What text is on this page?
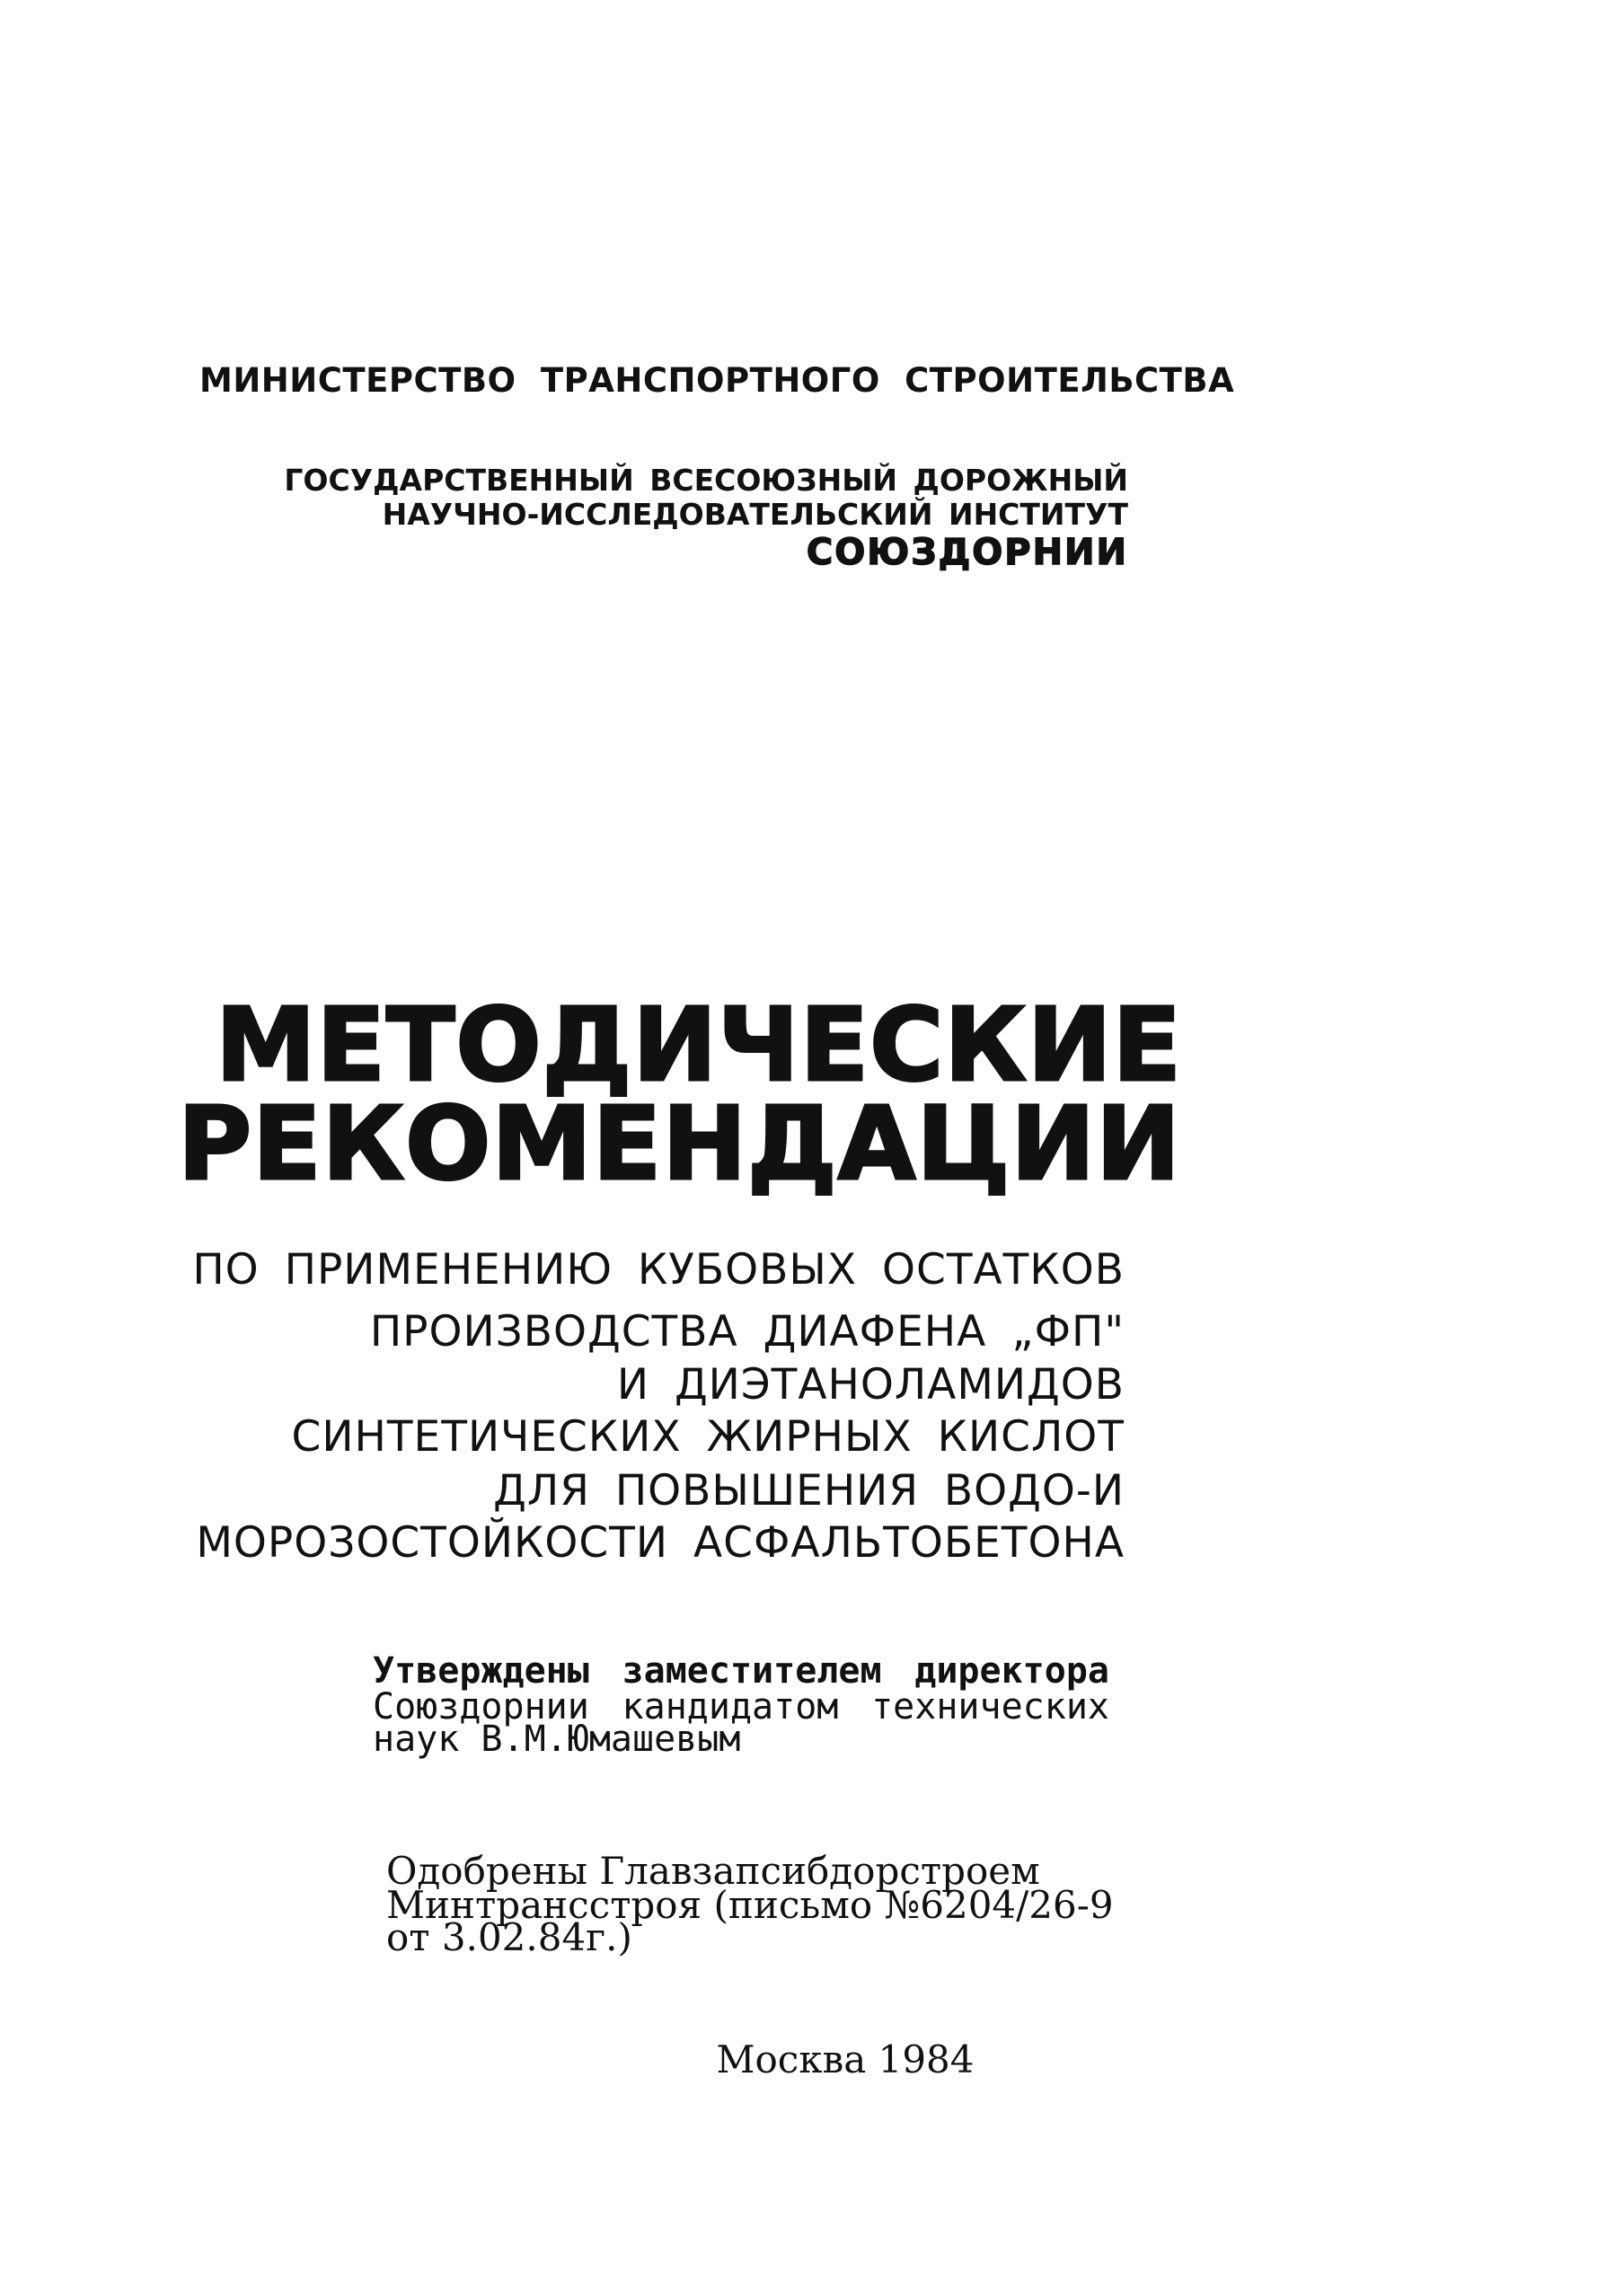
МИНИСТЕРСТВО ТРАНСПОРТНОГО СТРОИТЕЛЬСТВА

ГОСУДАРСТВЕННЫЙ ВСЕСОЮЗНЫЙ ДОРОЖНЫЙ

НАУЧНО-ИССЛЕДОВАТЕЛЬСКИЙ ИНСТИТУТ

СОЮЗДОРНИИ

МЕТОДИЧЕСКИЕ
РЕКОМЕНДАЦИИ

ПО ПРИМЕНЕНИЮ КУБОВЫХ ОСТАТКОВ

ПРОИЗВОДСТВА ДИАФЕНА „ФП"

И ДИЭТАНОЛАМИДОВ

СИНТЕТИЧЕСКИХ ЖИРНЫХ КИСЛОТ

ДЛЯ ПОВЫШЕНИЯ ВОДО-И

МОРОЗОСТОЙКОСТИ АСФАЛЬТОБЕТОНА

Утверждены заместителем директора

Союздорнии кандидатом технических

наук В.М.Юмашевым

Одобрены Главзапсибдорстроем

Минтрансстроя (письмо №6204/26-9

от 3.02.84г.)

Москва 1984
